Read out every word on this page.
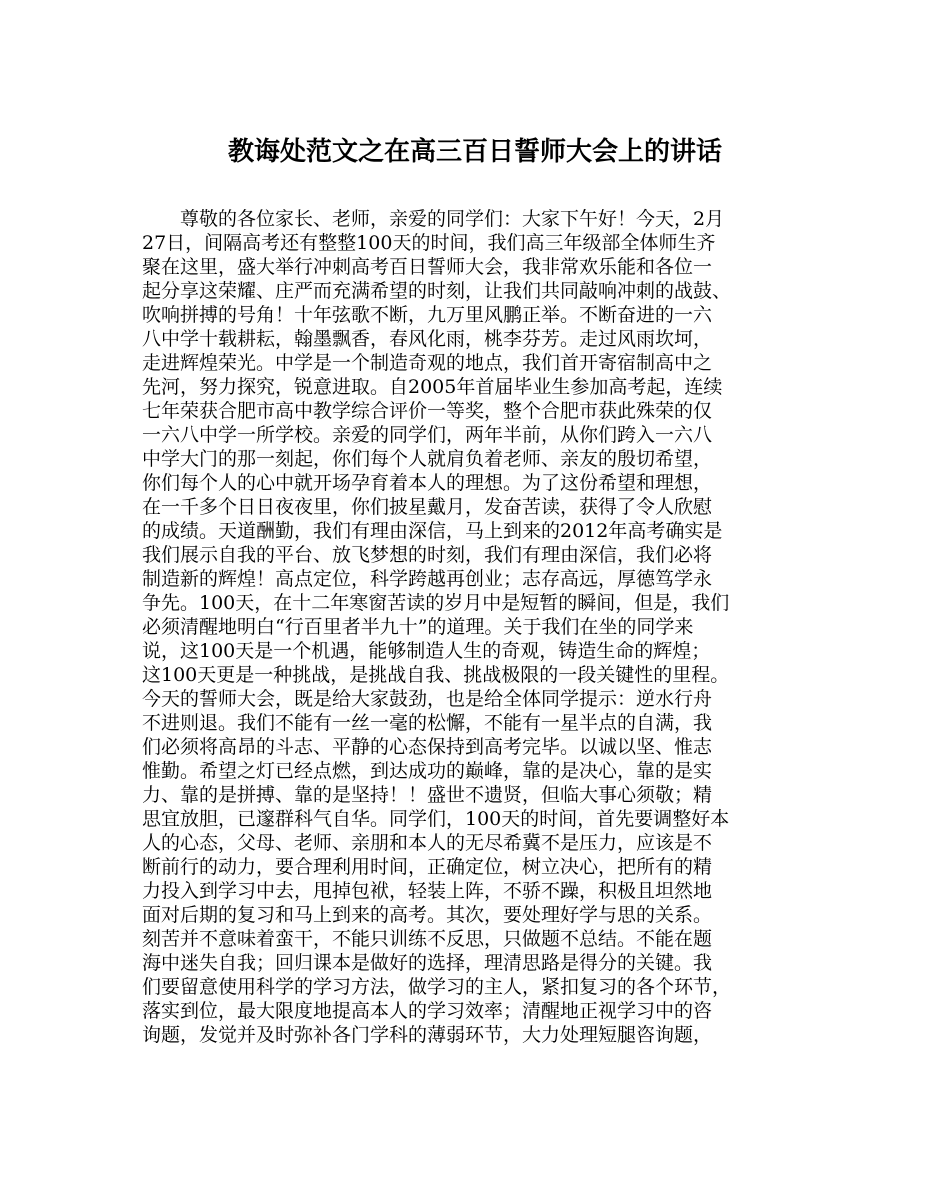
教诲处范文之在高三百日誓师大会上的讲话
尊敬的各位家长、老师，亲爱的同学们：大家下午好！今天，2月
27日，间隔高考还有整整100天的时间，我们高三年级部全体师生齐
聚在这里，盛大举行冲刺高考百日誓师大会，我非常欢乐能和各位一
起分享这荣耀、庄严而充满希望的时刻，让我们共同敲响冲刺的战鼓、
吹响拼搏的号角！十年弦歌不断，九万里风鹏正举。不断奋进的一六
八中学十载耕耘，翰墨飘香，春风化雨，桃李芬芳。走过风雨坎坷，
走进辉煌荣光。中学是一个制造奇观的地点，我们首开寄宿制高中之
先河，努力探究，锐意进取。自2005年首届毕业生参加高考起，连续
七年荣获合肥市高中教学综合评价一等奖，整个合肥市获此殊荣的仅
一六八中学一所学校。亲爱的同学们，两年半前，从你们跨入一六八
中学大门的那一刻起，你们每个人就肩负着老师、亲友的殷切希望，
你们每个人的心中就开场孕育着本人的理想。为了这份希望和理想，
在一千多个日日夜夜里，你们披星戴月，发奋苦读，获得了令人欣慰
的成绩。天道酬勤，我们有理由深信，马上到来的2012年高考确实是
我们展示自我的平台、放飞梦想的时刻，我们有理由深信，我们必将
制造新的辉煌！高点定位，科学跨越再创业；志存高远，厚德笃学永
争先。100天，在十二年寒窗苦读的岁月中是短暂的瞬间，但是，我们
必须清醒地明白“行百里者半九十”的道理。关于我们在坐的同学来
说，这100天是一个机遇，能够制造人生的奇观，铸造生命的辉煌；
这100天更是一种挑战，是挑战自我、挑战极限的一段关键性的里程。
今天的誓师大会，既是给大家鼓劲，也是给全体同学提示：逆水行舟
不进则退。我们不能有一丝一毫的松懈，不能有一星半点的自满，我
们必须将高昂的斗志、平静的心态保持到高考完毕。以诚以坚、惟志
惟勤。希望之灯已经点燃，到达成功的巅峰，靠的是决心，靠的是实
力、靠的是拼搏、靠的是坚持！！盛世不遗贤，但临大事心须敬；精
思宜放胆，已邃群科气自华。同学们，100天的时间，首先要调整好本
人的心态，父母、老师、亲朋和本人的无尽希冀不是压力，应该是不
断前行的动力，要合理利用时间，正确定位，树立决心，把所有的精
力投入到学习中去，甩掉包袱，轻装上阵，不骄不躁，积极且坦然地
面对后期的复习和马上到来的高考。其次，要处理好学与思的关系。
刻苦并不意味着蛮干，不能只训练不反思，只做题不总结。不能在题
海中迷失自我；回归课本是做好的选择，理清思路是得分的关键。我
们要留意使用科学的学习方法，做学习的主人，紧扣复习的各个环节，
落实到位，最大限度地提高本人的学习效率；清醒地正视学习中的咨
询题，发觉并及时弥补各门学科的薄弱环节，大力处理短腿咨询题，
